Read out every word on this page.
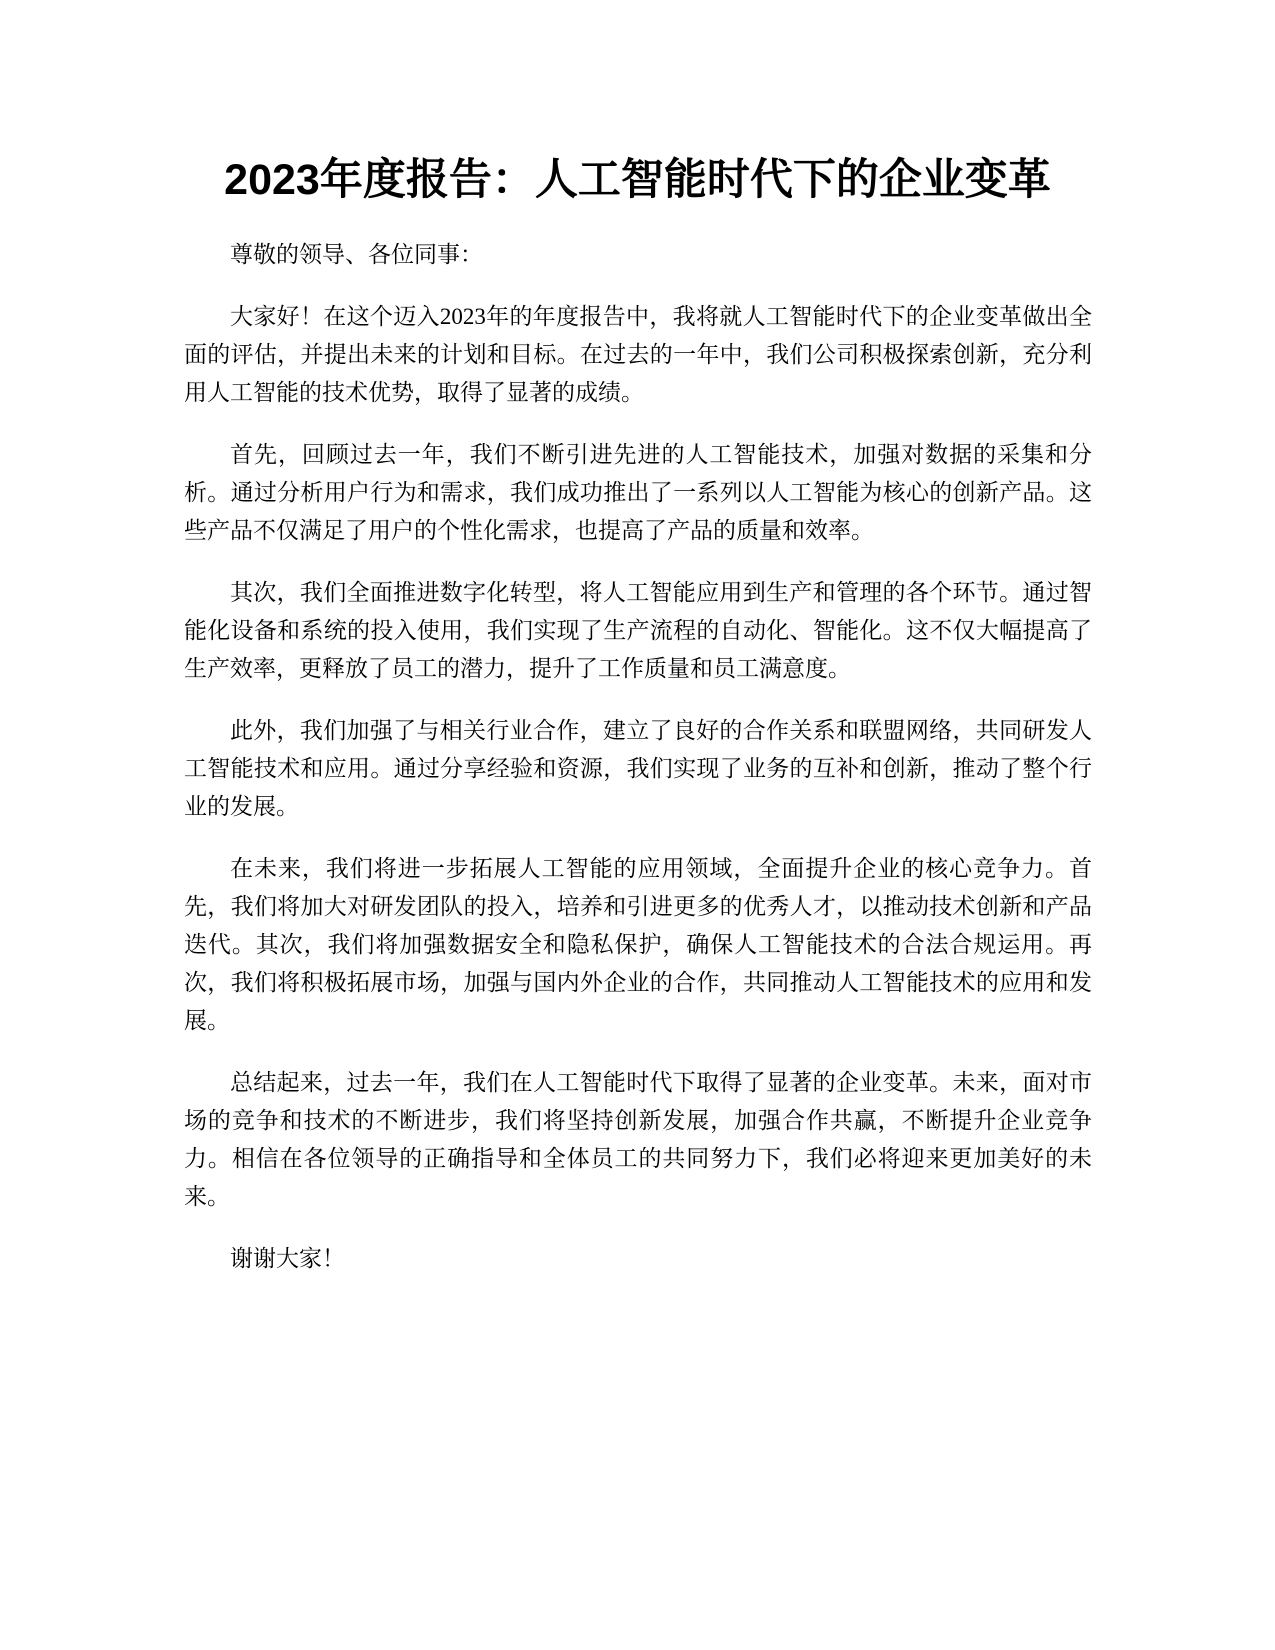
2023年度报告：人工智能时代下的企业变革

尊敬的领导、各位同事：

大家好！在这个迈入2023年的年度报告中，我将就人工智能时代下的企业变革做出全面的评估，并提出未来的计划和目标。在过去的一年中，我们公司积极探索创新，充分利用人工智能的技术优势，取得了显著的成绩。

首先，回顾过去一年，我们不断引进先进的人工智能技术，加强对数据的采集和分析。通过分析用户行为和需求，我们成功推出了一系列以人工智能为核心的创新产品。这些产品不仅满足了用户的个性化需求，也提高了产品的质量和效率。

其次，我们全面推进数字化转型，将人工智能应用到生产和管理的各个环节。通过智能化设备和系统的投入使用，我们实现了生产流程的自动化、智能化。这不仅大幅提高了生产效率，更释放了员工的潜力，提升了工作质量和员工满意度。

此外，我们加强了与相关行业合作，建立了良好的合作关系和联盟网络，共同研发人工智能技术和应用。通过分享经验和资源，我们实现了业务的互补和创新，推动了整个行业的发展。

在未来，我们将进一步拓展人工智能的应用领域，全面提升企业的核心竞争力。首先，我们将加大对研发团队的投入，培养和引进更多的优秀人才，以推动技术创新和产品迭代。其次，我们将加强数据安全和隐私保护，确保人工智能技术的合法合规运用。再次，我们将积极拓展市场，加强与国内外企业的合作，共同推动人工智能技术的应用和发展。

总结起来，过去一年，我们在人工智能时代下取得了显著的企业变革。未来，面对市场的竞争和技术的不断进步，我们将坚持创新发展，加强合作共赢，不断提升企业竞争力。相信在各位领导的正确指导和全体员工的共同努力下，我们必将迎来更加美好的未来。

谢谢大家！
